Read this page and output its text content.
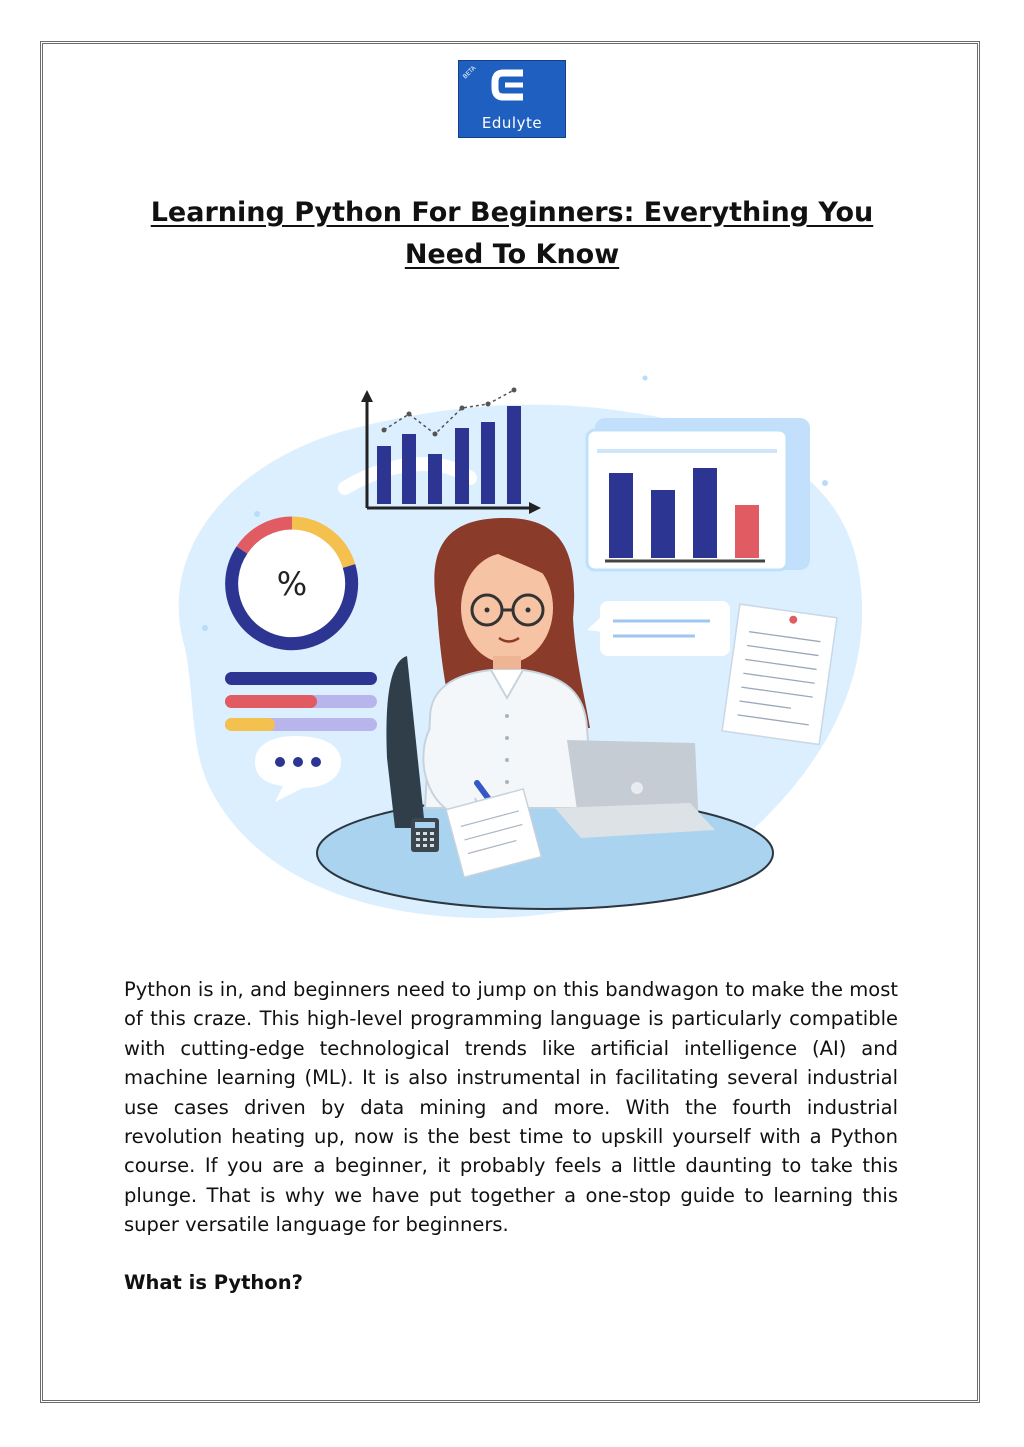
BETA
Edulyte
Learning Python For Beginners: Everything You Need To Know
%

Python is in, and beginners need to jump on this bandwagon to make the most of this craze. This high-level programming language is particularly compatible with cutting-edge technological trends like artificial intelligence (AI) and machine learning (ML). It is also instrumental in facilitating several industrial use cases driven by data mining and more. With the fourth industrial revolution heating up, now is the best time to upskill yourself with a Python course. If you are a beginner, it probably feels a little daunting to take this plunge. That is why we have put together a one-stop guide to learning this super versatile language for beginners.

What is Python?
